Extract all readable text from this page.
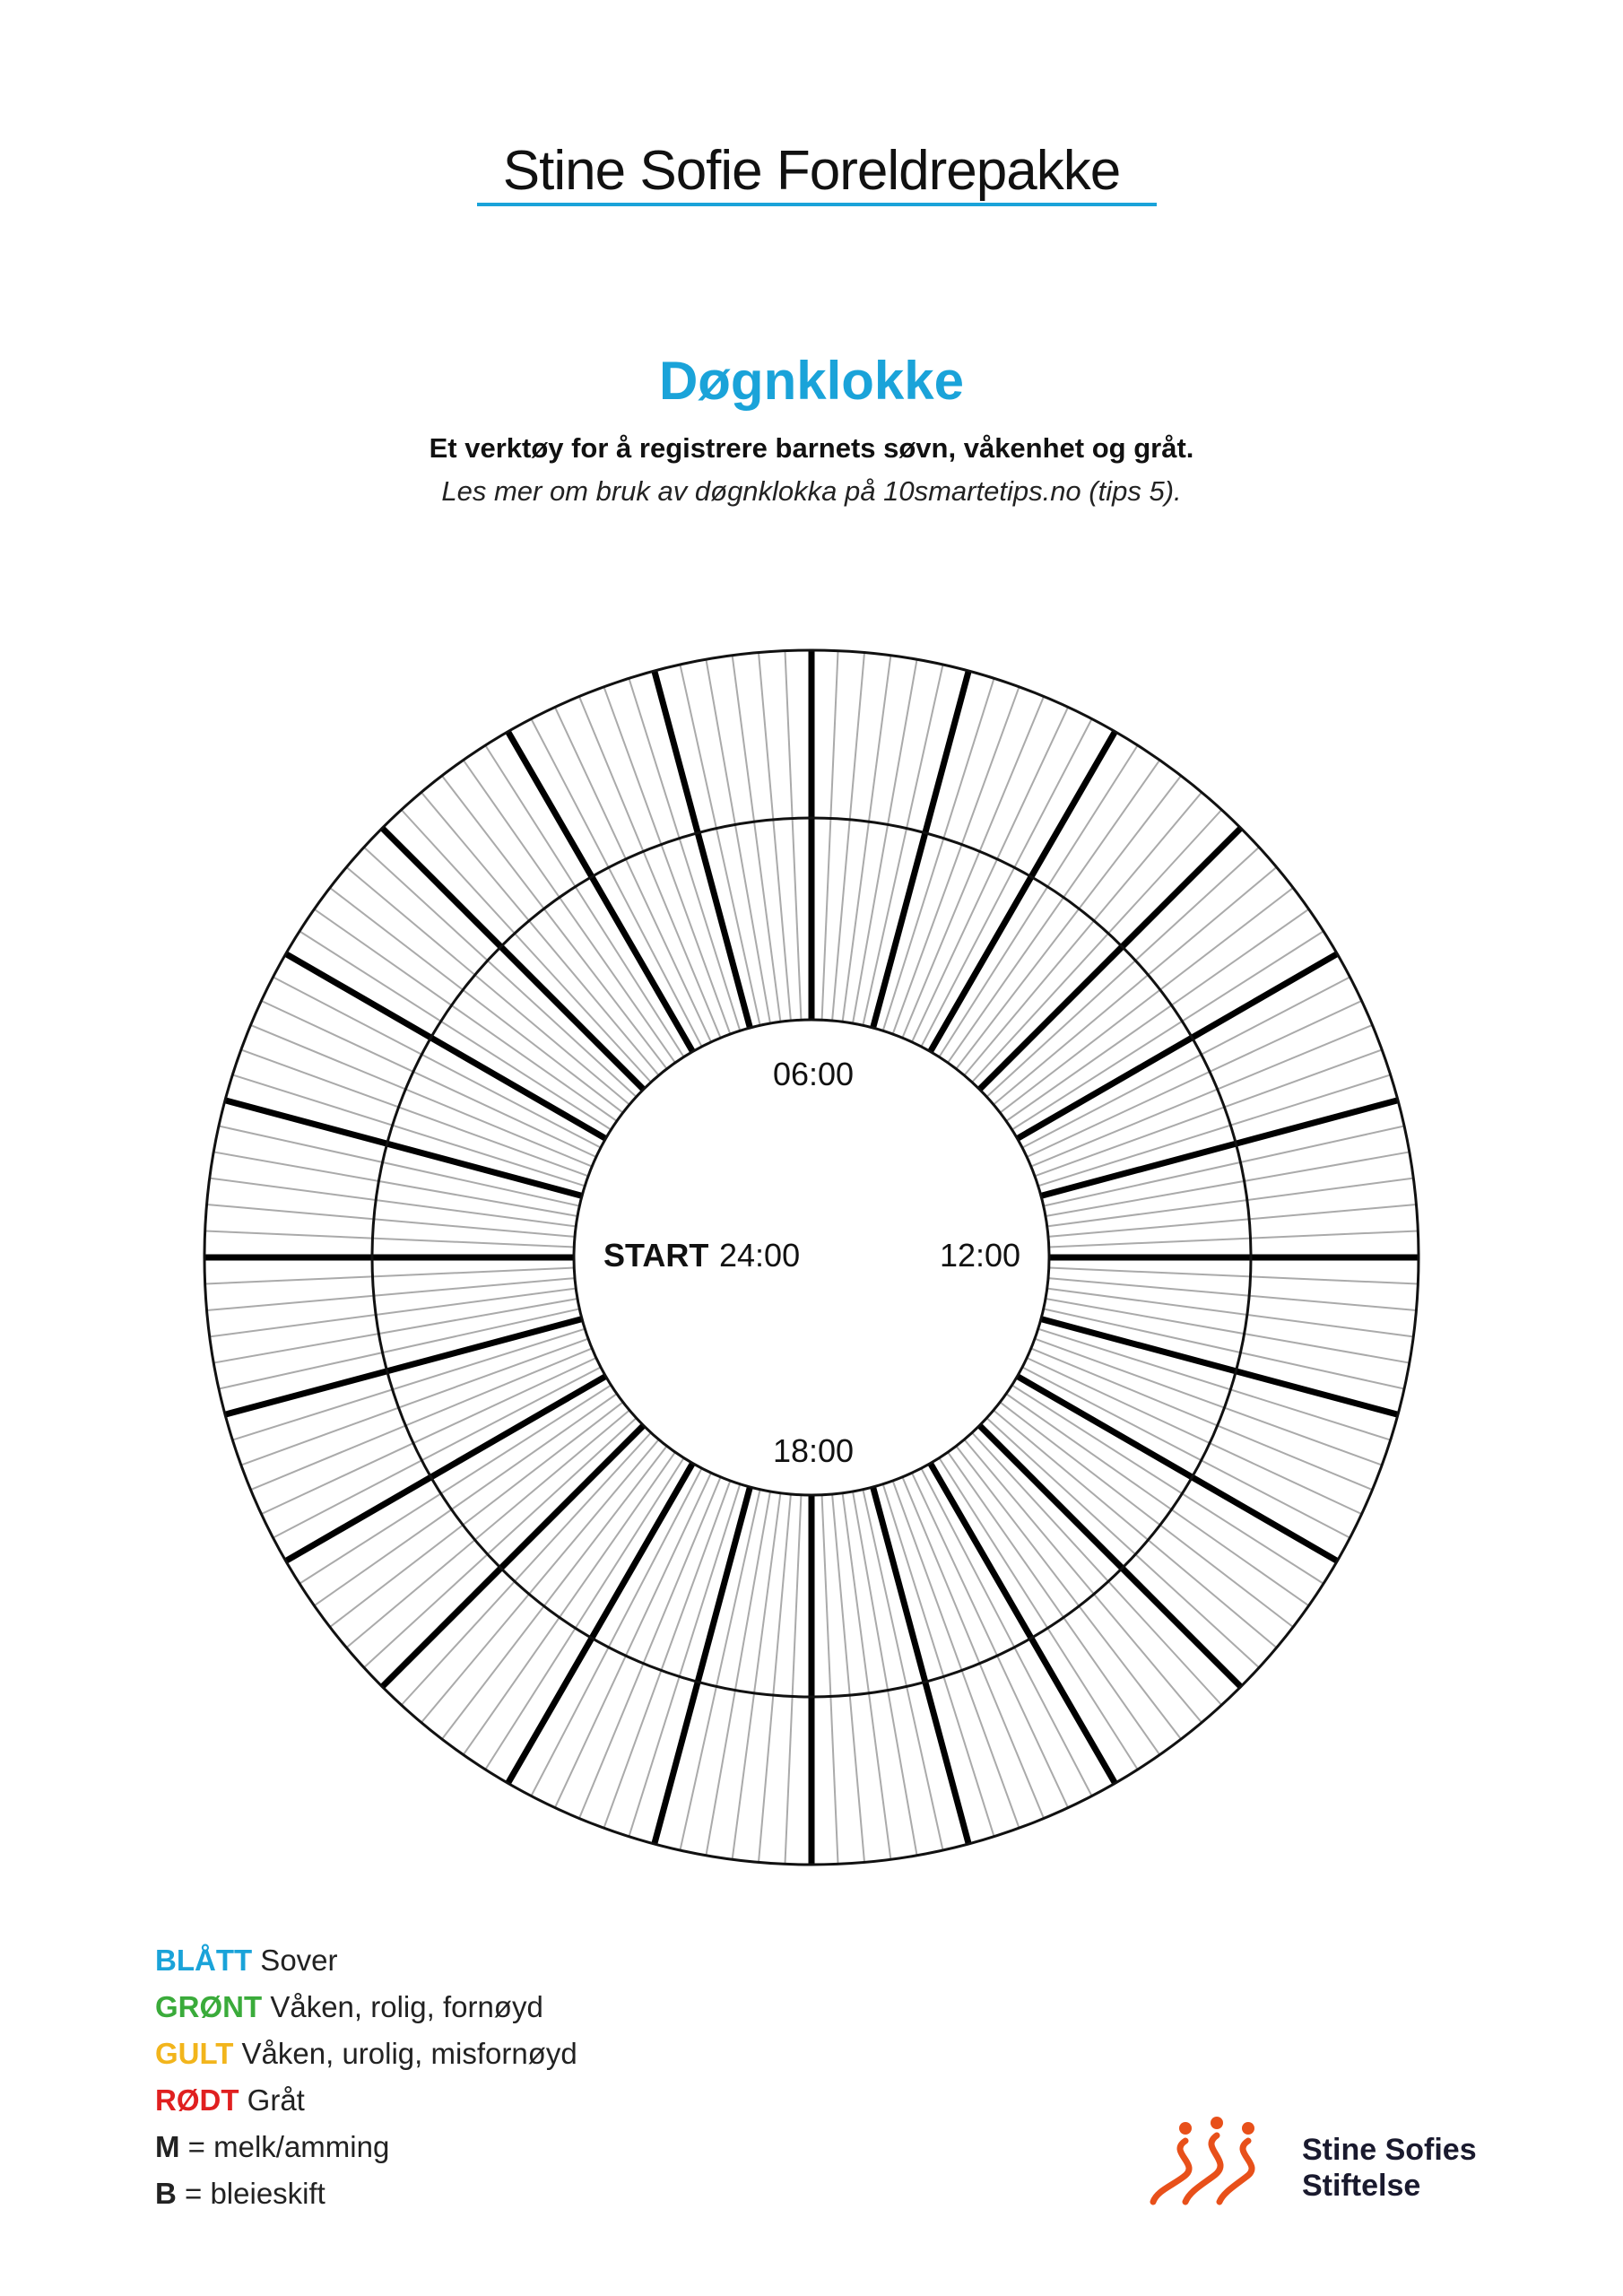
Stine Sofie Foreldrepakke
Døgnklokke
Et verktøy for å registrere barnets søvn, våkenhet og gråt.
Les mer om bruk av døgnklokka på 10smartetips.no (tips 5).
06:00
12:00
18:00
START 24:00
BLÅTT Sover
GRØNT Våken, rolig, fornøyd
GULT Våken, urolig, misfornøyd
RØDT Gråt
M = melk/amming
B = bleieskift
Stine Sofies
Stiftelse
